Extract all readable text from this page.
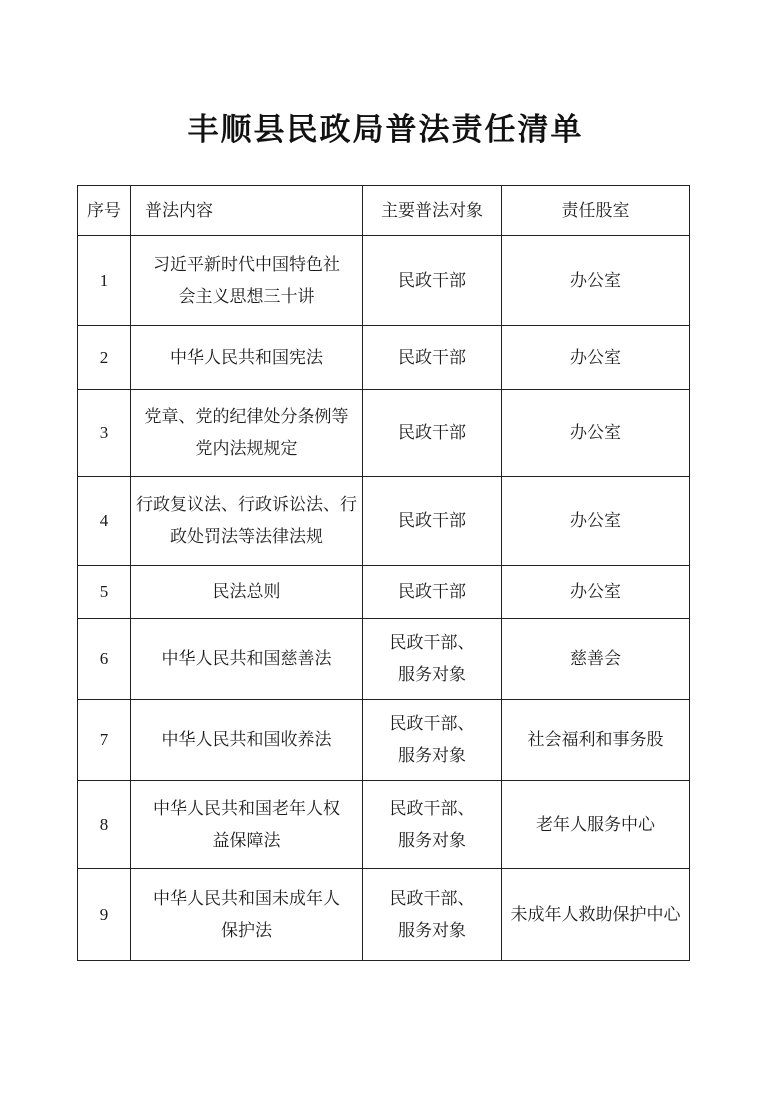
丰顺县民政局普法责任清单
序号	普法内容	主要普法对象	责任股室
1	习近平新时代中国特色社会主义思想三十讲	民政干部	办公室
2	中华人民共和国宪法	民政干部	办公室
3	党章、党的纪律处分条例等党内法规规定	民政干部	办公室
4	行政复议法、行政诉讼法、行政处罚法等法律法规	民政干部	办公室
5	民法总则	民政干部	办公室
6	中华人民共和国慈善法	民政干部、服务对象	慈善会
7	中华人民共和国收养法	民政干部、服务对象	社会福利和事务股
8	中华人民共和国老年人权益保障法	民政干部、服务对象	老年人服务中心
9	中华人民共和国未成年人保护法	民政干部、服务对象	未成年人救助保护中心
